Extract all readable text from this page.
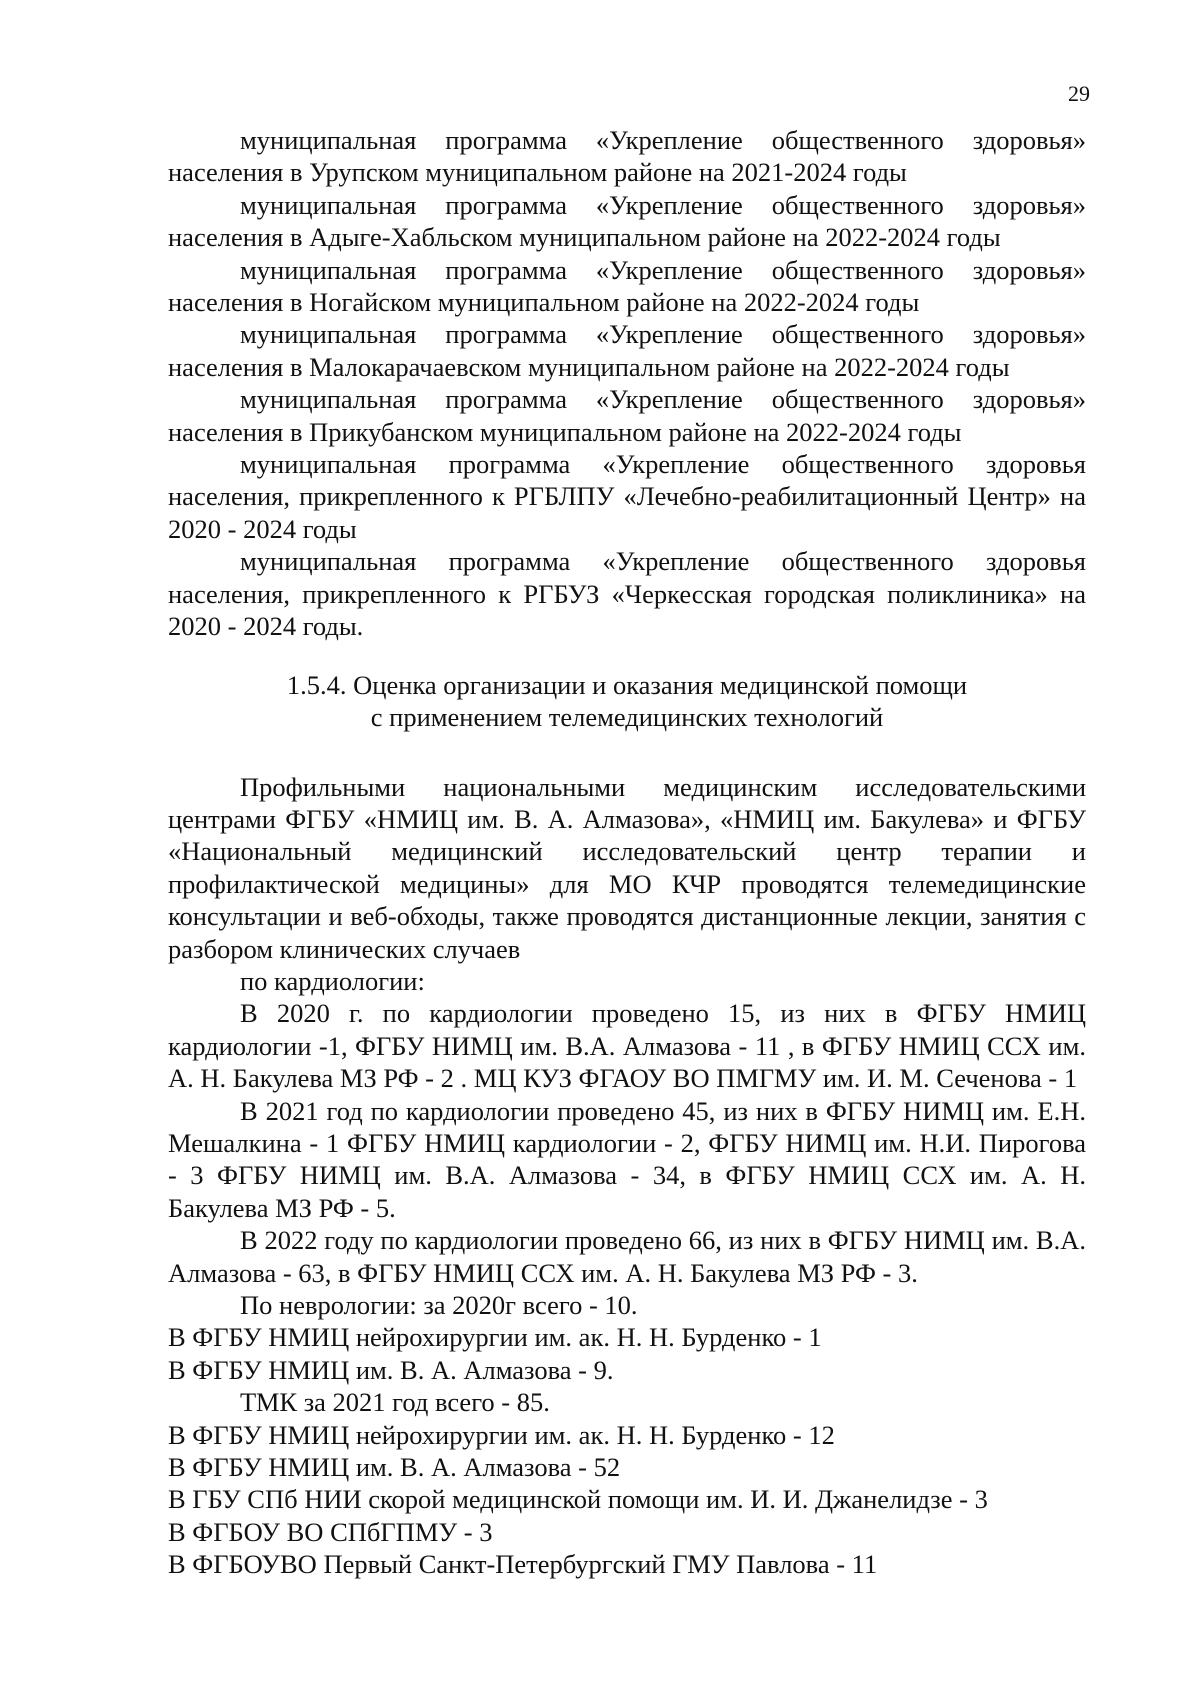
29

муниципальная программа «Укрепление общественного здоровья» населения в Урупском муниципальном районе на 2021-2024 годы

муниципальная программа «Укрепление общественного здоровья» населения в Адыге-Хабльском муниципальном районе на 2022-2024 годы

муниципальная программа «Укрепление общественного здоровья» населения в Ногайском муниципальном районе на 2022-2024 годы

муниципальная программа «Укрепление общественного здоровья» населения в Малокарачаевском муниципальном районе на 2022-2024 годы

муниципальная программа «Укрепление общественного здоровья» населения в Прикубанском муниципальном районе на 2022-2024 годы

муниципальная программа «Укрепление общественного здоровья населения, прикрепленного к РГБЛПУ «Лечебно-реабилитационный Центр» на 2020 - 2024 годы

муниципальная программа «Укрепление общественного здоровья населения, прикрепленного к РГБУЗ «Черкесская городская поликлиника» на 2020 - 2024 годы.

1.5.4. Оценка организации и оказания медицинской помощи
с применением телемедицинских технологий

Профильными национальными медицинским исследовательскими центрами ФГБУ «НМИЦ им. В. А. Алмазова», «НМИЦ им. Бакулева» и ФГБУ «Национальный медицинский исследовательский центр терапии и профилактической медицины» для МО КЧР проводятся телемедицинские консультации и веб-обходы, также проводятся дистанционные лекции, занятия с разбором клинических случаев

по кардиологии:

В 2020 г. по кардиологии проведено 15, из них в ФГБУ НМИЦ кардиологии -1, ФГБУ НИМЦ им. В.А. Алмазова - 11 , в ФГБУ НМИЦ ССХ им. А. Н. Бакулева МЗ РФ - 2 . МЦ КУЗ ФГАОУ ВО ПМГМУ им. И. М. Сеченова - 1

В 2021 год по кардиологии проведено 45, из них в ФГБУ НИМЦ им. Е.Н. Мешалкина - 1 ФГБУ НМИЦ кардиологии - 2, ФГБУ НИМЦ им. Н.И. Пирогова - 3 ФГБУ НИМЦ им. В.А. Алмазова - 34, в ФГБУ НМИЦ ССХ им. А. Н. Бакулева МЗ РФ - 5.

В 2022 году по кардиологии проведено 66, из них в ФГБУ НИМЦ им. В.А. Алмазова - 63, в ФГБУ НМИЦ ССХ им. А. Н. Бакулева МЗ РФ - 3.

По неврологии: за 2020г всего - 10.

В ФГБУ НМИЦ нейрохирургии им. ак. Н. Н. Бурденко - 1

В ФГБУ НМИЦ им. В. А. Алмазова - 9.

ТМК за 2021 год всего - 85.

В ФГБУ НМИЦ нейрохирургии им. ак. Н. Н. Бурденко - 12

В ФГБУ НМИЦ им. В. А. Алмазова - 52

В ГБУ СПб НИИ скорой медицинской помощи им. И. И. Джанелидзе - 3

В ФГБОУ ВО СПбГПМУ - 3

В ФГБОУВО Первый Санкт-Петербургский ГМУ Павлова - 11
